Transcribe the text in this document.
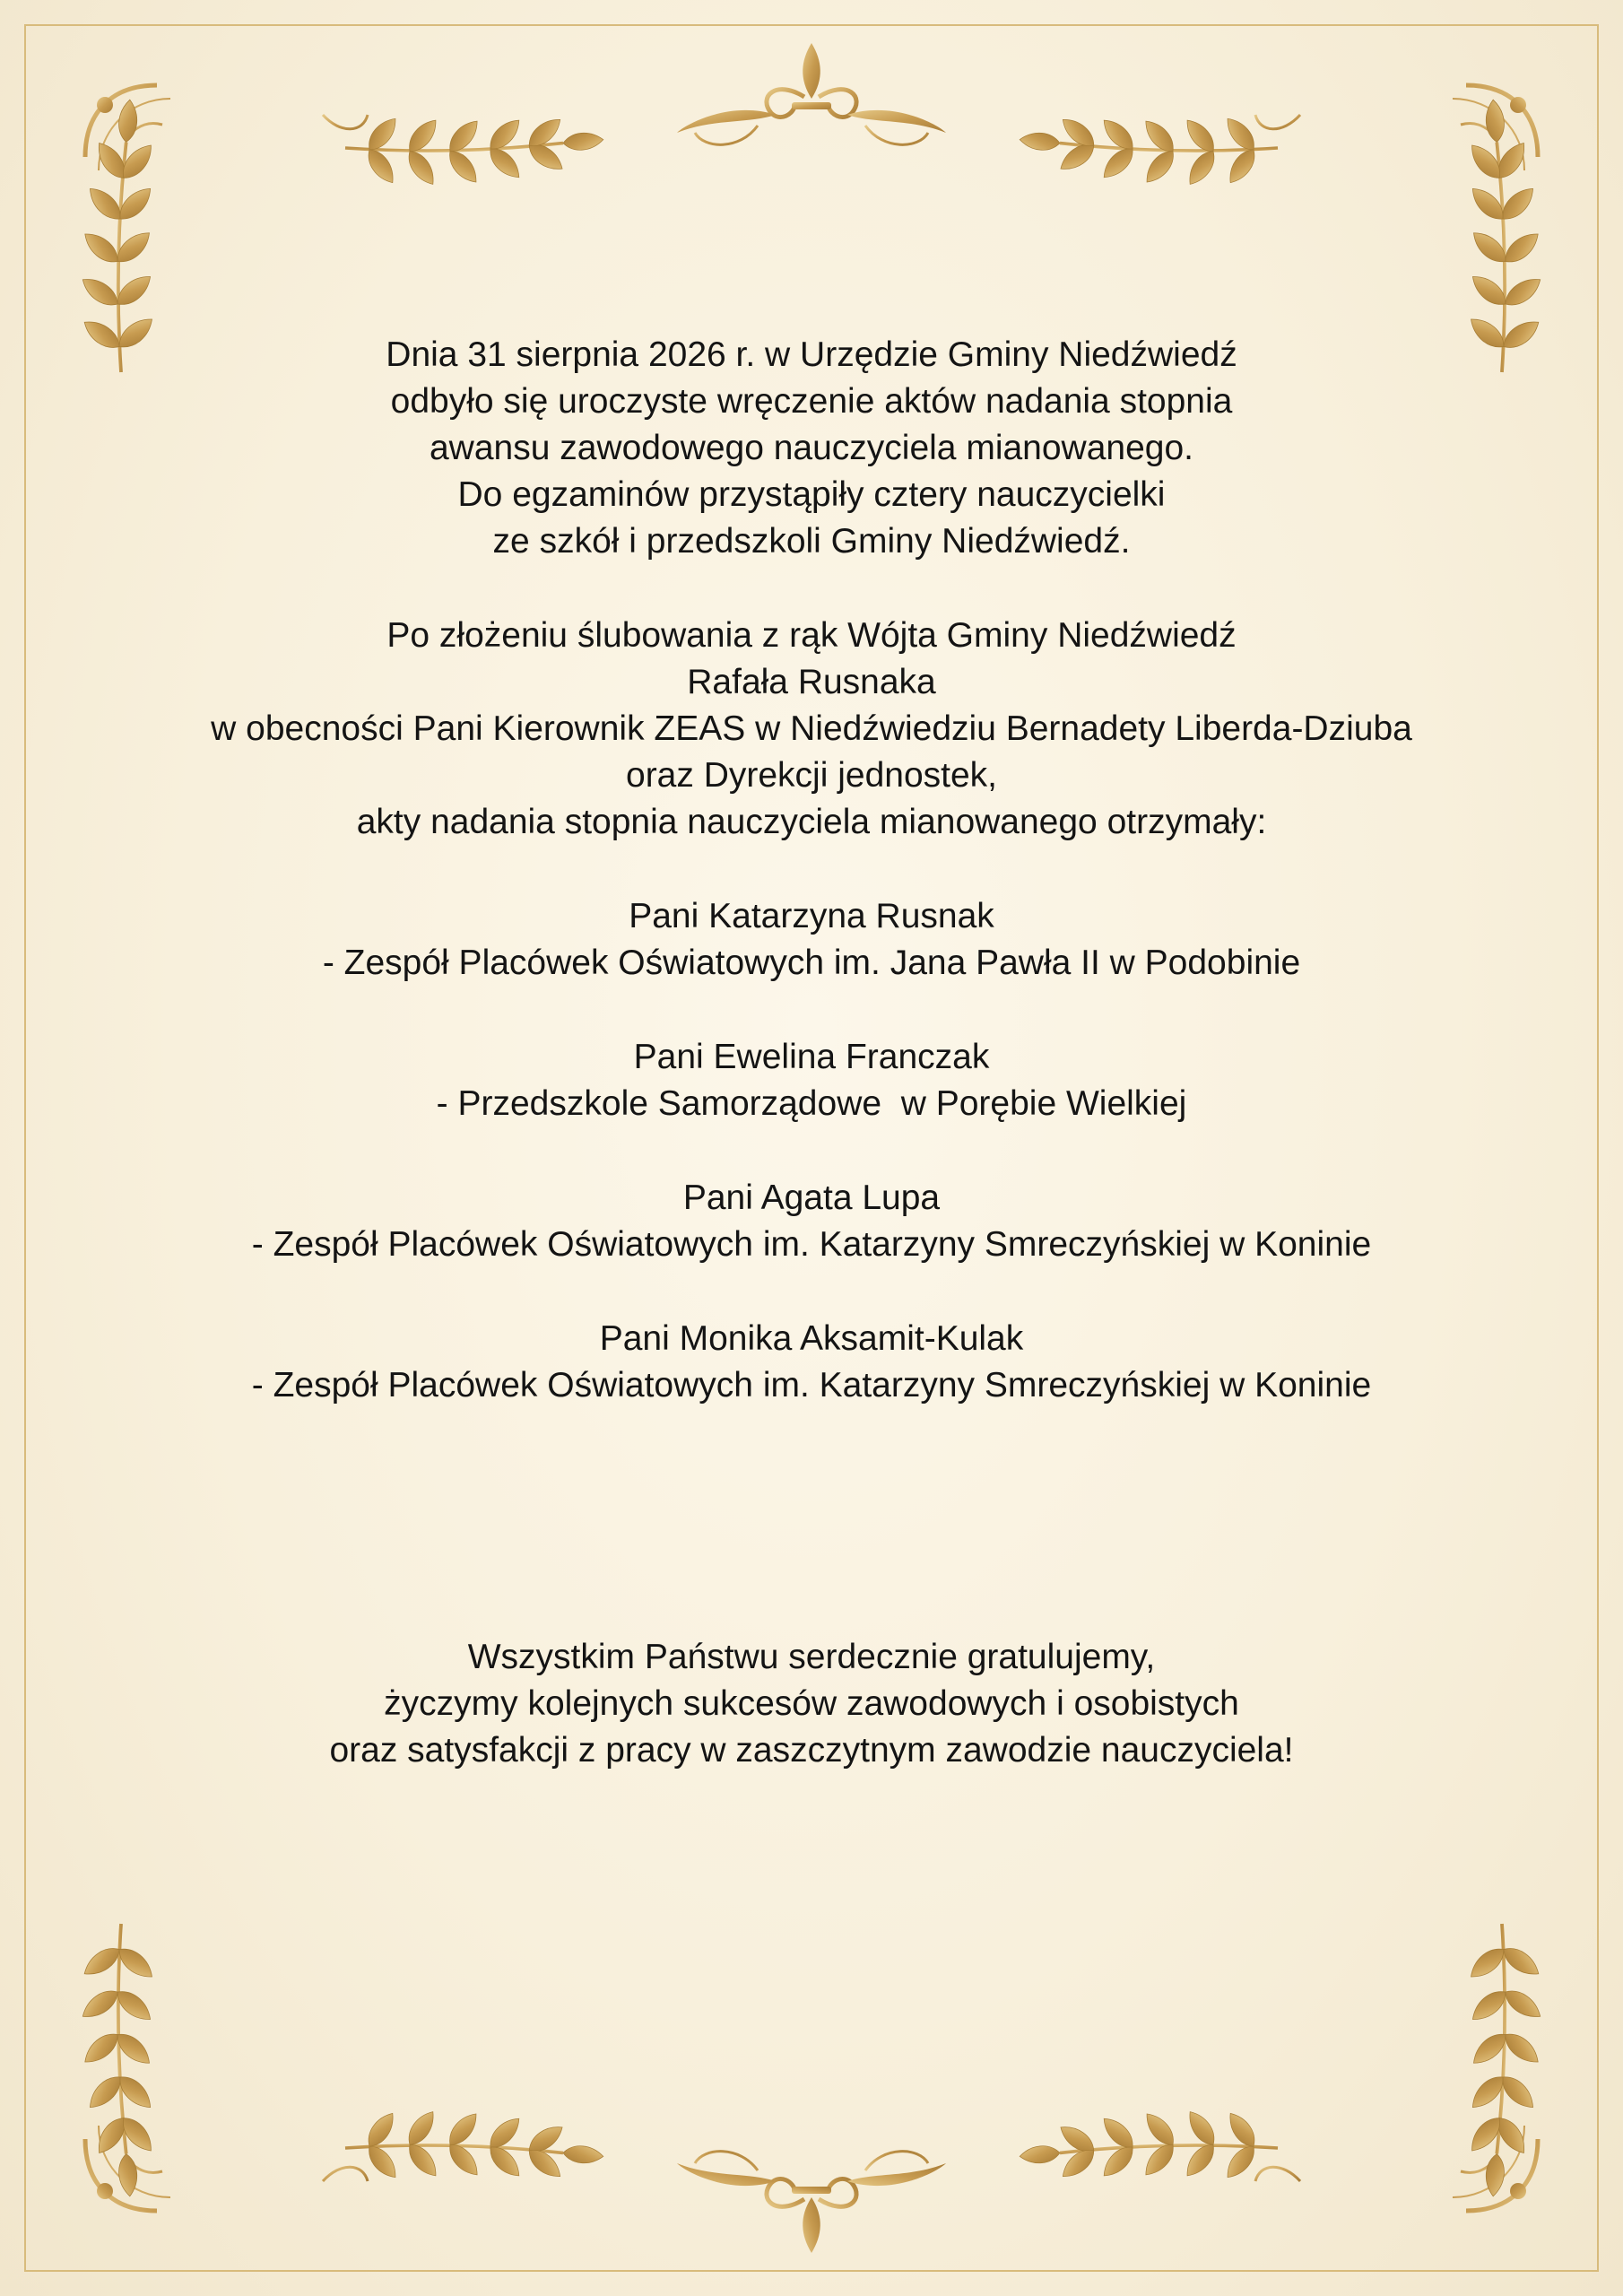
Dnia 31 sierpnia 2026 r. w Urzędzie Gminy Niedźwiedź
odbyło się uroczyste wręczenie aktów nadania stopnia
awansu zawodowego nauczyciela mianowanego.
Do egzaminów przystąpiły cztery nauczycielki
ze szkół i przedszkoli Gminy Niedźwiedź.

Po złożeniu ślubowania z rąk Wójta Gminy Niedźwiedź
Rafała Rusnaka
w obecności Pani Kierownik ZEAS w Niedźwiedziu Bernadety Liberda-Dziuba
oraz Dyrekcji jednostek,
akty nadania stopnia nauczyciela mianowanego otrzymały:

Pani Katarzyna Rusnak
- Zespół Placówek Oświatowych im. Jana Pawła II w Podobinie

Pani Ewelina Franczak
- Przedszkole Samorządowe  w Porębie Wielkiej

Pani Agata Lupa
- Zespół Placówek Oświatowych im. Katarzyny Smreczyńskiej w Koninie

Pani Monika Aksamit-Kulak
- Zespół Placówek Oświatowych im. Katarzyny Smreczyńskiej w Koninie

Wszystkim Państwu serdecznie gratulujemy,
życzymy kolejnych sukcesów zawodowych i osobistych
oraz satysfakcji z pracy w zaszczytnym zawodzie nauczyciela!
